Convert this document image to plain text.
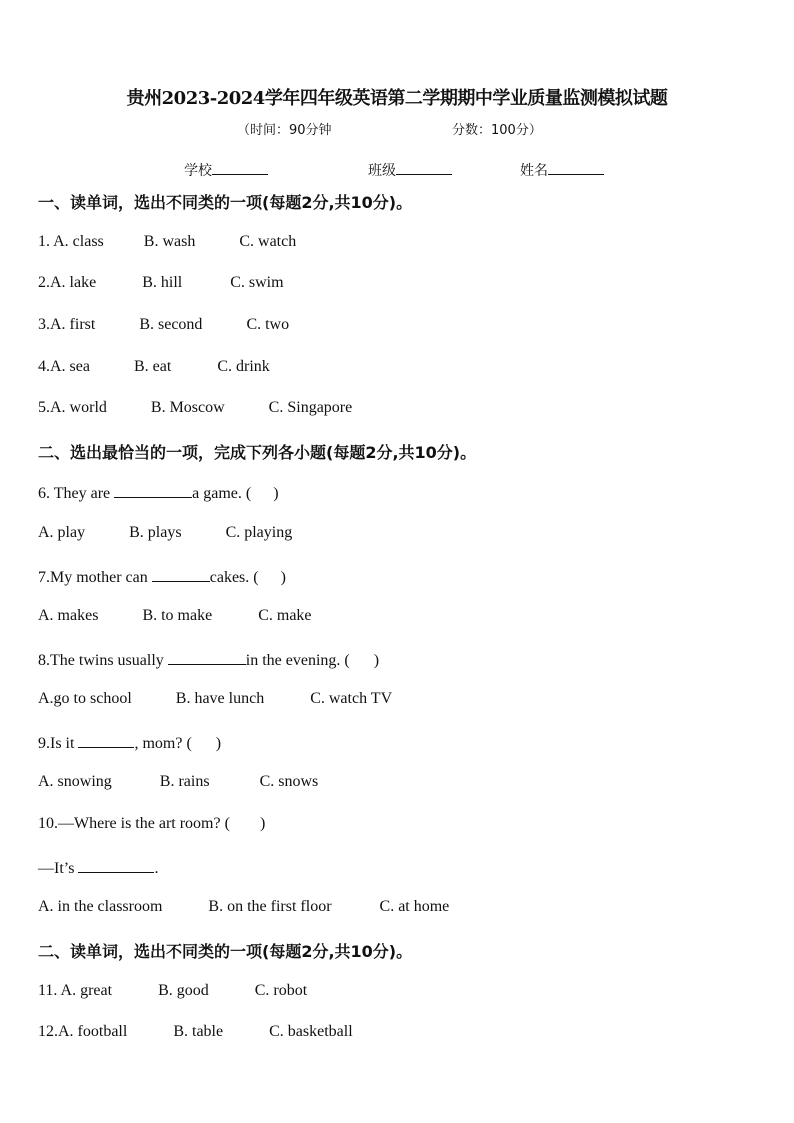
贵州2023-2024学年四年级英语第二学期期中学业质量监测模拟试题
（时间：90分钟	分数：100分）
学校	班级	姓名
一、读单词，选出不同类的一项(每题2分,共10分)。
1. A. class	B. wash	C. watch
2.A. lake	B. hill	C. swim
3.A. first	B. second	C. two
4.A. sea	B. eat	C. drink
5.A. world	B. Moscow	C. Singapore
二、选出最恰当的一项，完成下列各小题(每题2分,共10分)。
6. They are	a game. ( )
A. play	B. plays	C. playing
7.My mother can	cakes. ( )
A. makes	B. to make	C. make
8.The twins usually	in the evening. ( )
A.go to school	B. have lunch	C. watch TV
9.Is it	, mom? ( )
A. snowing	B. rains	C. snows
10.—Where is the art room? ( )
—It’s	.
A. in the classroom	B. on the first floor	C. at home
二、读单词，选出不同类的一项(每题2分,共10分)。
11. A. great	B. good	C. robot
12.A. football	B. table	C. basketball
